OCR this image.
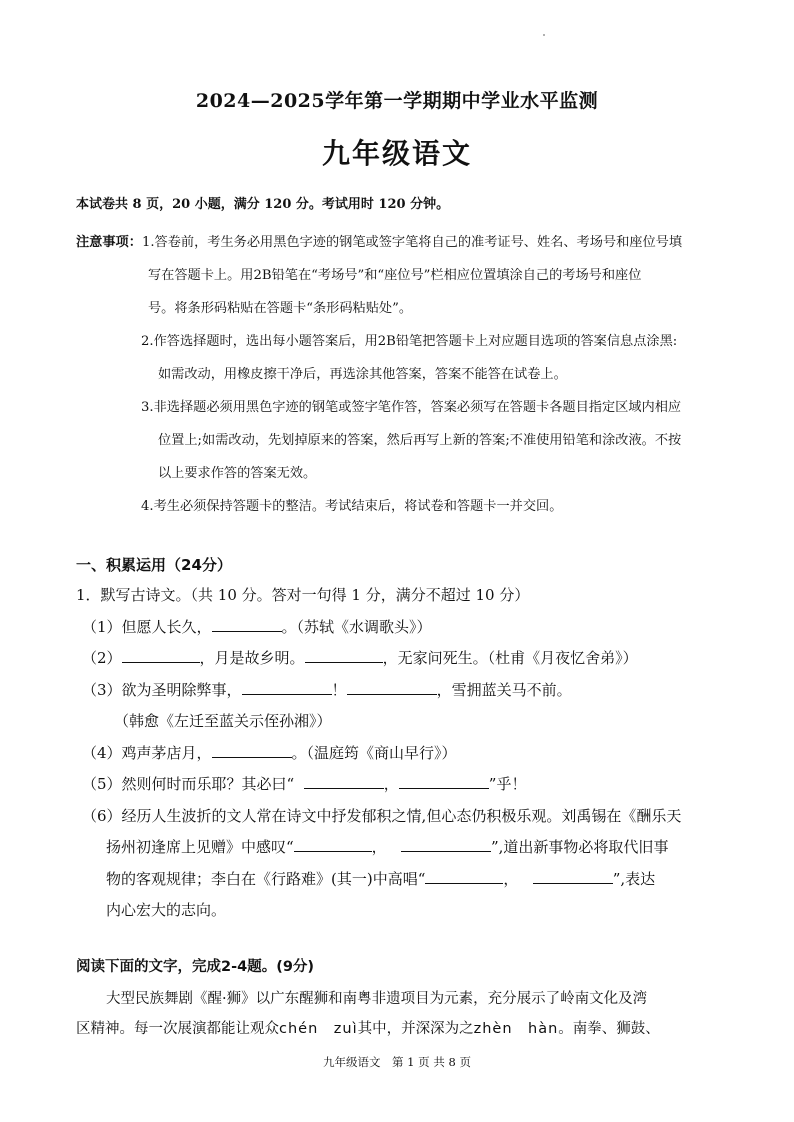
2024—2025学年第一学期期中学业水平监测
九年级语文
本试卷共 8 页，20 小题，满分 120 分。考试用时 120 分钟。
注意事项：1.答卷前，考生务必用黑色字迹的钢笔或签字笔将自己的准考证号、姓名、考场号和座位号填
写在答题卡上。用2B铅笔在“考场号”和“座位号”栏相应位置填涂自己的考场号和座位
号。将条形码粘贴在答题卡“条形码粘贴处”。
2.作答选择题时，选出每小题答案后，用2B铅笔把答题卡上对应题目选项的答案信息点涂黑:
如需改动，用橡皮擦干净后，再选涂其他答案，答案不能答在试卷上。
3.非选择题必须用黑色字迹的钢笔或签字笔作答，答案必须写在答题卡各题目指定区域内相应
位置上;如需改动，先划掉原来的答案，然后再写上新的答案;不准使用铅笔和涂改液。不按
以上要求作答的答案无效。
4.考生必须保持答题卡的整洁。考试结束后，将试卷和答题卡一并交回。
一、积累运用（24分）
1．默写古诗文。（共 10 分。答对一句得 1 分，满分不超过 10 分）
（1）但愿人长久，	。（苏轼《水调歌头》）
（2）	，月是故乡明。	，无家问死生。（杜甫《月夜忆舍弟》）
（3）欲为圣明除弊事，	！	，雪拥蓝关马不前。
（韩愈《左迁至蓝关示侄孙湘》）
（4）鸡声茅店月，	。（温庭筠《商山早行》）
（5）然则何时而乐耶？其必曰“	，	”乎！
（6）经历人生波折的文人常在诗文中抒发郁积之情,但心态仍积极乐观。刘禹锡在《酬乐天
扬州初逢席上见赠》中感叹“	，	”,道出新事物必将取代旧事
物的客观规律；李白在《行路难》(其一)中高唱“	，	”,表达
内心宏大的志向。
阅读下面的文字，完成2-4题。(9分)
大型民族舞剧《醒·狮》以广东醒狮和南粤非遗项目为元素，充分展示了岭南文化及湾
区精神。每一次展演都能让观众chén　zuì其中，并深深为之zhèn　hàn。南拳、狮鼓、
九年级语文　第 1 页 共 8 页
